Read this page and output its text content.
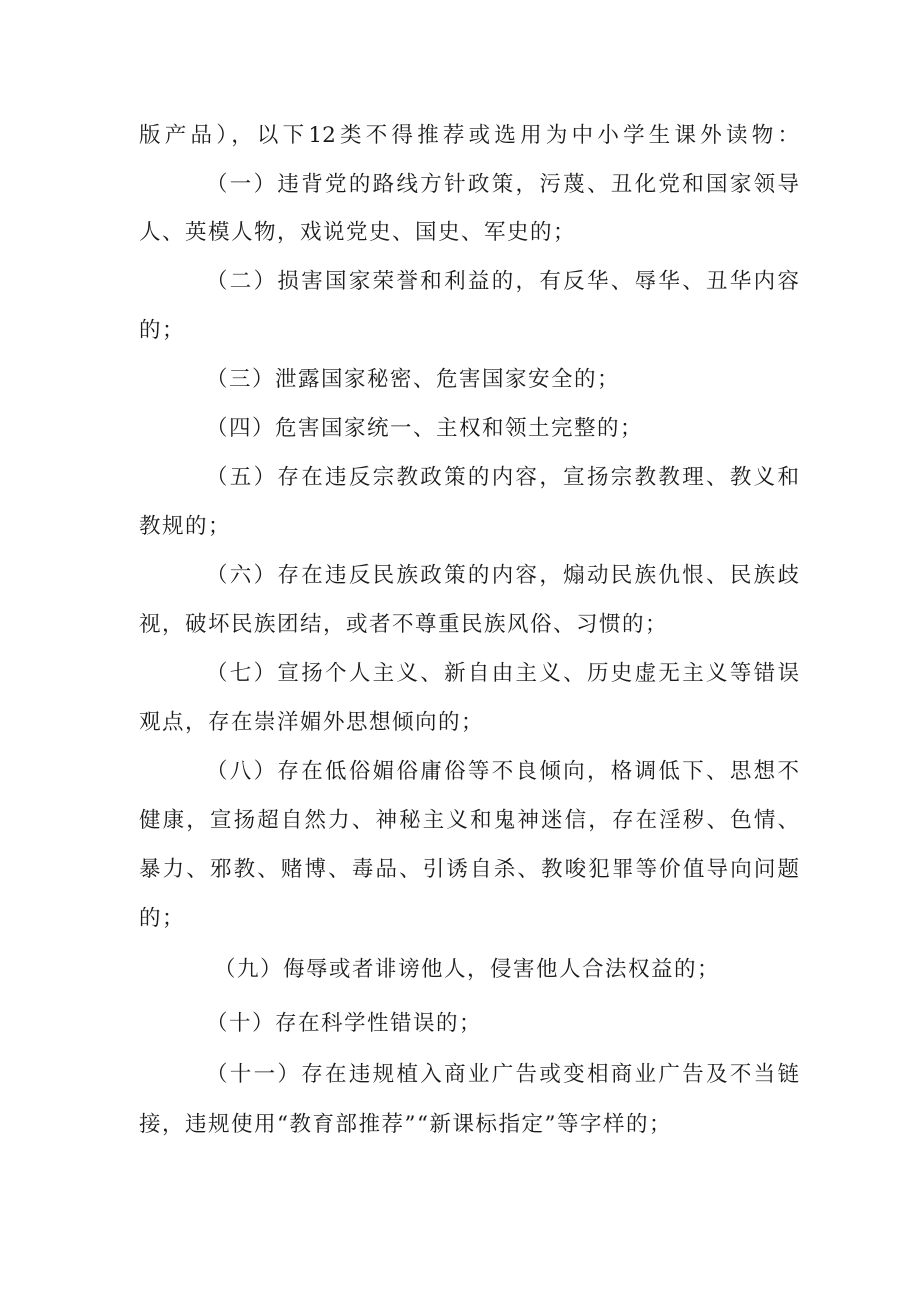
版产品），以下12类不得推荐或选用为中小学生课外读物：

（一）违背党的路线方针政策，污蔑、丑化党和国家领导

人、英模人物，戏说党史、国史、军史的；

（二）损害国家荣誉和利益的，有反华、辱华、丑华内容

的；

（三）泄露国家秘密、危害国家安全的；

（四）危害国家统一、主权和领土完整的；

（五）存在违反宗教政策的内容，宣扬宗教教理、教义和

教规的；

（六）存在违反民族政策的内容，煽动民族仇恨、民族歧

视，破坏民族团结，或者不尊重民族风俗、习惯的；

（七）宣扬个人主义、新自由主义、历史虚无主义等错误

观点，存在崇洋媚外思想倾向的；

（八）存在低俗媚俗庸俗等不良倾向，格调低下、思想不

健康，宣扬超自然力、神秘主义和鬼神迷信，存在淫秽、色情、

暴力、邪教、赌博、毒品、引诱自杀、教唆犯罪等价值导向问题

的；

（九）侮辱或者诽谤他人，侵害他人合法权益的；

（十）存在科学性错误的；

（十一）存在违规植入商业广告或变相商业广告及不当链

接，违规使用“教育部推荐”“新课标指定”等字样的；
